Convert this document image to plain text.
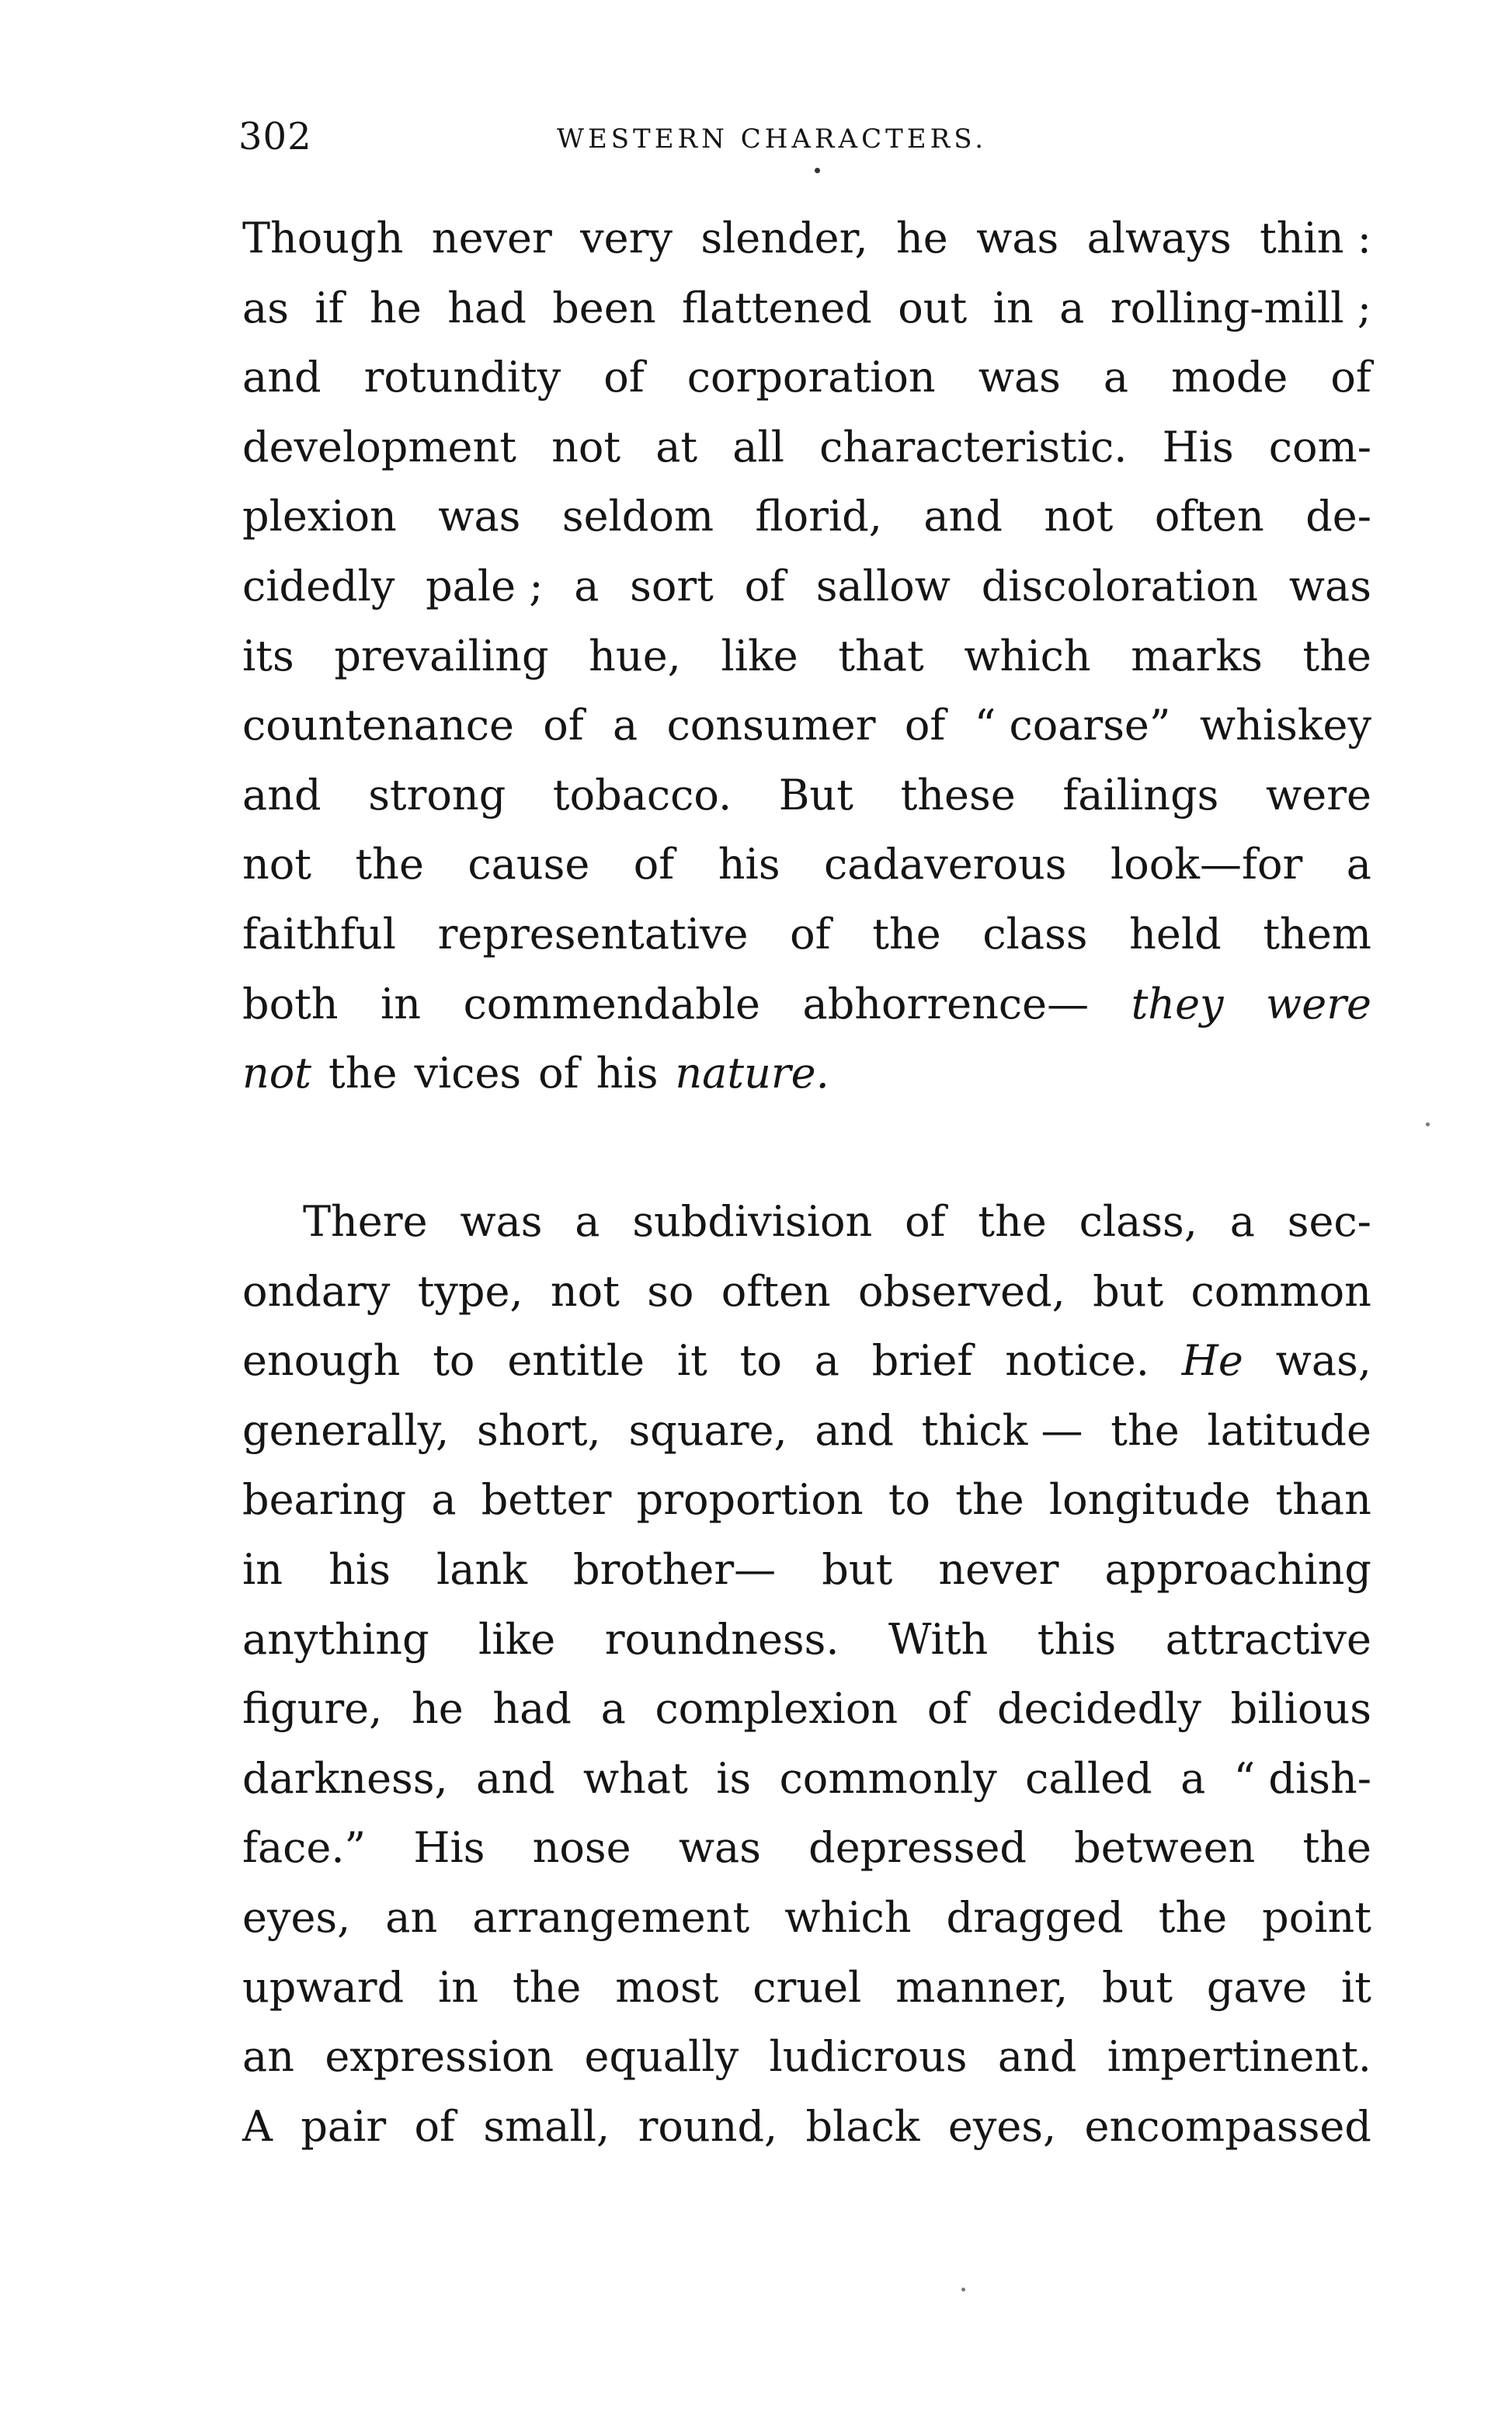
302	WESTERN CHARACTERS.
Though never very slender, he was always thin :
as if he had been flattened out in a rolling-mill ;
and rotundity of corporation was a mode of
development not at all characteristic. His com-
plexion was seldom florid, and not often de-
cidedly pale ; a sort of sallow discoloration was
its prevailing hue, like that which marks the
countenance of a consumer of “ coarse” whiskey
and strong tobacco. But these failings were
not the cause of his cadaverous look—for a
faithful representative of the class held them
both in commendable abhorrence— they were
not the vices of his nature.
There was a subdivision of the class, a sec-
ondary type, not so often observed, but common
enough to entitle it to a brief notice. He was,
generally, short, square, and thick — the latitude
bearing a better proportion to the longitude than
in his lank brother— but never approaching
anything like roundness. With this attractive
figure, he had a complexion of decidedly bilious
darkness, and what is commonly called a “ dish-
face.” His nose was depressed between the
eyes, an arrangement which dragged the point
upward in the most cruel manner, but gave it
an expression equally ludicrous and impertinent.
A pair of small, round, black eyes, encompassed
